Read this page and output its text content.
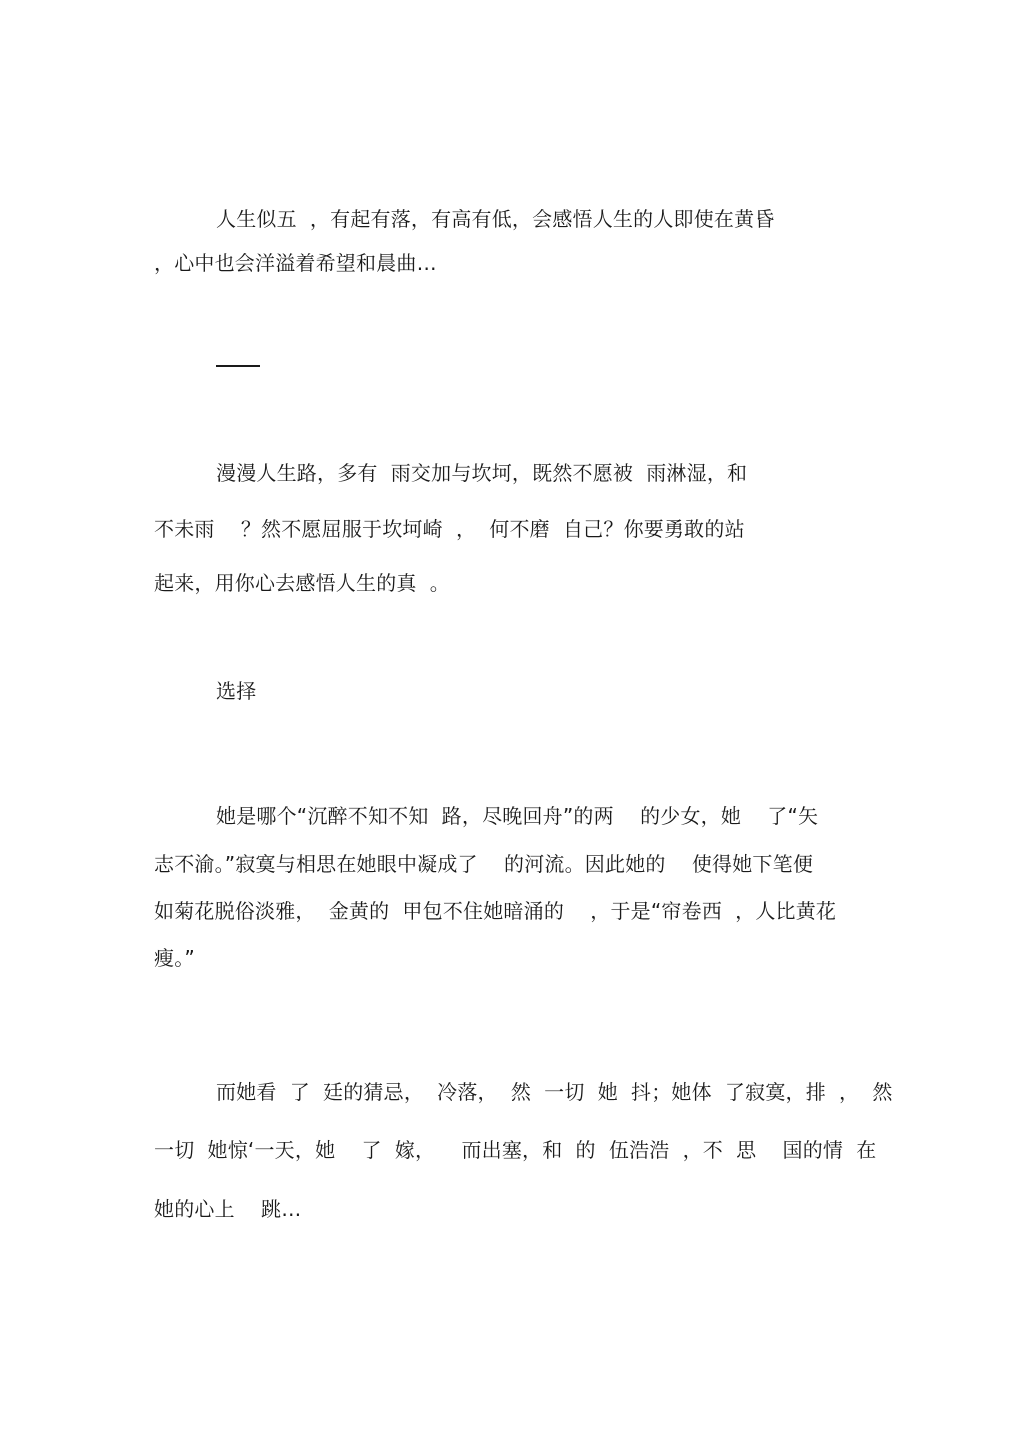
人生似五  ，有起有落，有高有低，会感悟人生的人即使在黄昏
，心中也会洋溢着希望和晨曲…
漫漫人生路，多有  雨交加与坎坷，既然不愿被  雨淋湿，和
不未雨    ？然不愿屈服于坎坷崎  ，  何不磨  自己？你要勇敢的站
起来，用你心去感悟人生的真  。
选择
她是哪个“沉醉不知不知  路，尽晚回舟”的两    的少女，她    了“矢
志不渝。”寂寞与相思在她眼中凝成了    的河流。因此她的    使得她下笔便
如菊花脱俗淡雅，  金黄的  甲包不住她暗涌的    ，于是“帘卷西  ，人比黄花
瘦。”
而她看  了  廷的猜忌，  冷落，  然  一切  她  抖；她体  了寂寞，排  ，  然
一切  她惊‘一天，她    了  嫁，    而出塞，和  的  伍浩浩  ，不  思    国的情  在
她的心上    跳…
